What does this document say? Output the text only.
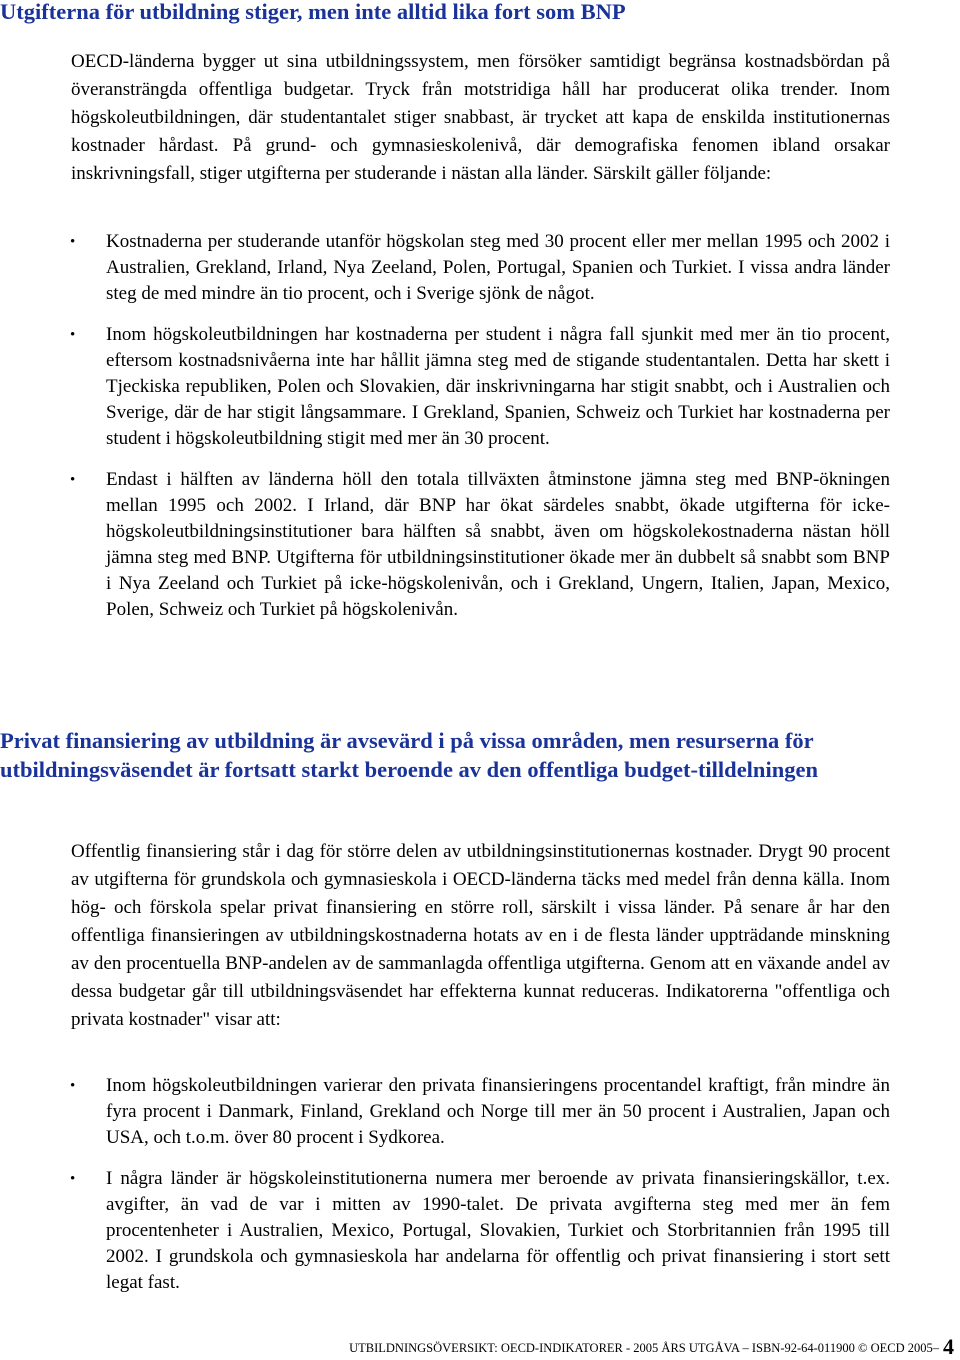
Utgifterna för utbildning stiger, men inte alltid lika fort som BNP

OECD-länderna bygger ut sina utbildningssystem, men försöker samtidigt begränsa kostnadsbördan på överansträngda offentliga budgetar. Tryck från motstridiga håll har producerat olika trender. Inom högskoleutbildningen, där studentantalet stiger snabbast, är trycket att kapa de enskilda institutionernas kostnader hårdast. På grund- och gymnasieskolenivå, där demografiska fenomen ibland orsakar inskrivningsfall, stiger utgifterna per studerande i nästan alla länder. Särskilt gäller följande:

• Kostnaderna per studerande utanför högskolan steg med 30 procent eller mer mellan 1995 och 2002 i Australien, Grekland, Irland, Nya Zeeland, Polen, Portugal, Spanien och Turkiet. I vissa andra länder steg de med mindre än tio procent, och i Sverige sjönk de något.
• Inom högskoleutbildningen har kostnaderna per student i några fall sjunkit med mer än tio procent, eftersom kostnadsnivåerna inte har hållit jämna steg med de stigande studentantalen. Detta har skett i Tjeckiska republiken, Polen och Slovakien, där inskrivningarna har stigit snabbt, och i Australien och Sverige, där de har stigit långsammare. I Grekland, Spanien, Schweiz och Turkiet har kostnaderna per student i högskoleutbildning stigit med mer än 30 procent.
• Endast i hälften av länderna höll den totala tillväxten åtminstone jämna steg med BNP-ökningen mellan 1995 och 2002. I Irland, där BNP har ökat särdeles snabbt, ökade utgifterna för icke-högskoleutbildningsinstitutioner bara hälften så snabbt, även om högskolekostnaderna nästan höll jämna steg med BNP. Utgifterna för utbildningsinstitutioner ökade mer än dubbelt så snabbt som BNP i Nya Zeeland och Turkiet på icke-högskolenivån, och i Grekland, Ungern, Italien, Japan, Mexico, Polen, Schweiz och Turkiet på högskolenivån.
Privat finansiering av utbildning är avsevärd i på vissa områden, men resurserna för utbildningsväsendet är fortsatt starkt beroende av den offentliga budget-tilldelningen

Offentlig finansiering står i dag för större delen av utbildningsinstitutionernas kostnader. Drygt 90 procent av utgifterna för grundskola och gymnasieskola i OECD-länderna täcks med medel från denna källa. Inom hög- och förskola spelar privat finansiering en större roll, särskilt i vissa länder. På senare år har den offentliga finansieringen av utbildningskostnaderna hotats av en i de flesta länder uppträdande minskning av den procentuella BNP-andelen av de sammanlagda offentliga utgifterna. Genom att en växande andel av dessa budgetar går till utbildningsväsendet har effekterna kunnat reduceras. Indikatorerna "offentliga och privata kostnader" visar att:

• Inom högskoleutbildningen varierar den privata finansieringens procentandel kraftigt, från mindre än fyra procent i Danmark, Finland, Grekland och Norge till mer än 50 procent i Australien, Japan och USA, och t.o.m. över 80 procent i Sydkorea.
• I några länder är högskoleinstitutionerna numera mer beroende av privata finansieringskällor, t.ex. avgifter, än vad de var i mitten av 1990-talet. De privata avgifterna steg med mer än fem procentenheter i Australien, Mexico, Portugal, Slovakien, Turkiet och Storbritannien från 1995 till 2002. I grundskola och gymnasieskola har andelarna för offentlig och privat finansiering i stort sett legat fast.
UTBILDNINGSÖVERSIKT: OECD-INDIKATORER - 2005 ÅRS UTGÅVA – ISBN-92-64-011900 © OECD 2005– 4
